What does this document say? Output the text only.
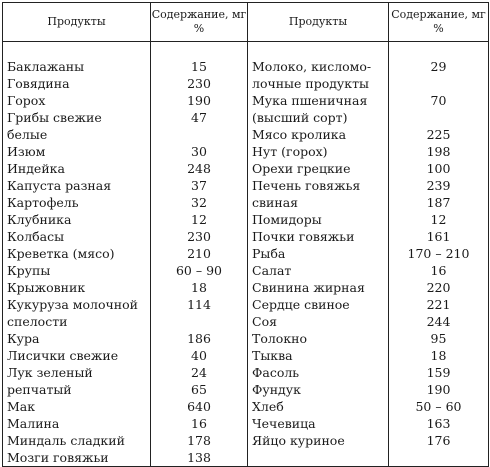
Продукты	Содержание, мг %	Продукты	Содержание, мг %

Баклажаны	15	Молоко, кисломо-	29
Говядина	230	лочные продукты	
Горох	190	Мука пшеничная	70
Грибы свежие	47	(высший сорт)	
белые		Мясо кролика	225
Изюм	30	Нут (горох)	198
Индейка	248	Орехи грецкие	100
Капуста разная	37	Печень говяжья	239
Картофель	32	свиная	187
Клубника	12	Помидоры	12
Колбасы	230	Почки говяжьи	161
Креветка (мясо)	210	Рыба	170 – 210
Крупы	60 – 90	Салат	16
Крыжовник	18	Свинина жирная	220
Кукуруза молочной	114	Сердце свиное	221
спелости		Соя	244
Кура	186	Толокно	95
Лисички свежие	40	Тыква	18
Лук зеленый	24	Фасоль	159
репчатый	65	Фундук	190
Мак	640	Хлеб	50 – 60
Малина	16	Чечевица	163
Миндаль сладкий	178	Яйцо куриное	176
Мозги говяжьи	138		
